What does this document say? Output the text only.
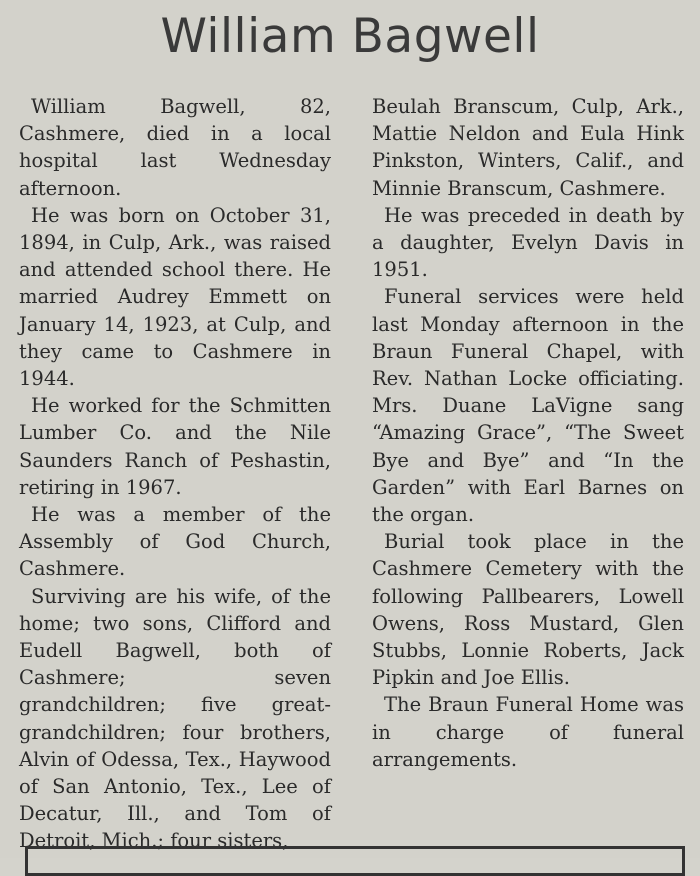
William Bagwell

William Bagwell, 82, Cashmere, died in a local hospital last Wednesday afternoon.

He was born on October 31, 1894, in Culp, Ark., was raised and attended school there. He married Audrey Emmett on January 14, 1923, at Culp, and they came to Cashmere in 1944.

He worked for the Schmitten Lumber Co. and the Nile Saunders Ranch of Peshastin, retiring in 1967.

He was a member of the Assembly of God Church, Cashmere.

Surviving are his wife, of the home; two sons, Clifford and Eudell Bagwell, both of Cashmere; seven grandchildren; five great-grandchildren; four brothers, Alvin of Odessa, Tex., Haywood of San Antonio, Tex., Lee of Decatur, Ill., and Tom of Detroit, Mich.; four sisters,

Beulah Branscum, Culp, Ark., Mattie Neldon and Eula Hink Pinkston, Winters, Calif., and Minnie Branscum, Cashmere.

He was preceded in death by a daughter, Evelyn Davis in 1951.

Funeral services were held last Monday afternoon in the Braun Funeral Chapel, with Rev. Nathan Locke officiating. Mrs. Duane LaVigne sang “Amazing Grace”, “The Sweet Bye and Bye” and “In the Garden” with Earl Barnes on the organ.

Burial took place in the Cashmere Cemetery with the following Pallbearers, Lowell Owens, Ross Mustard, Glen Stubbs, Lonnie Roberts, Jack Pipkin and Joe Ellis.

The Braun Funeral Home was in charge of funeral arrangements.
